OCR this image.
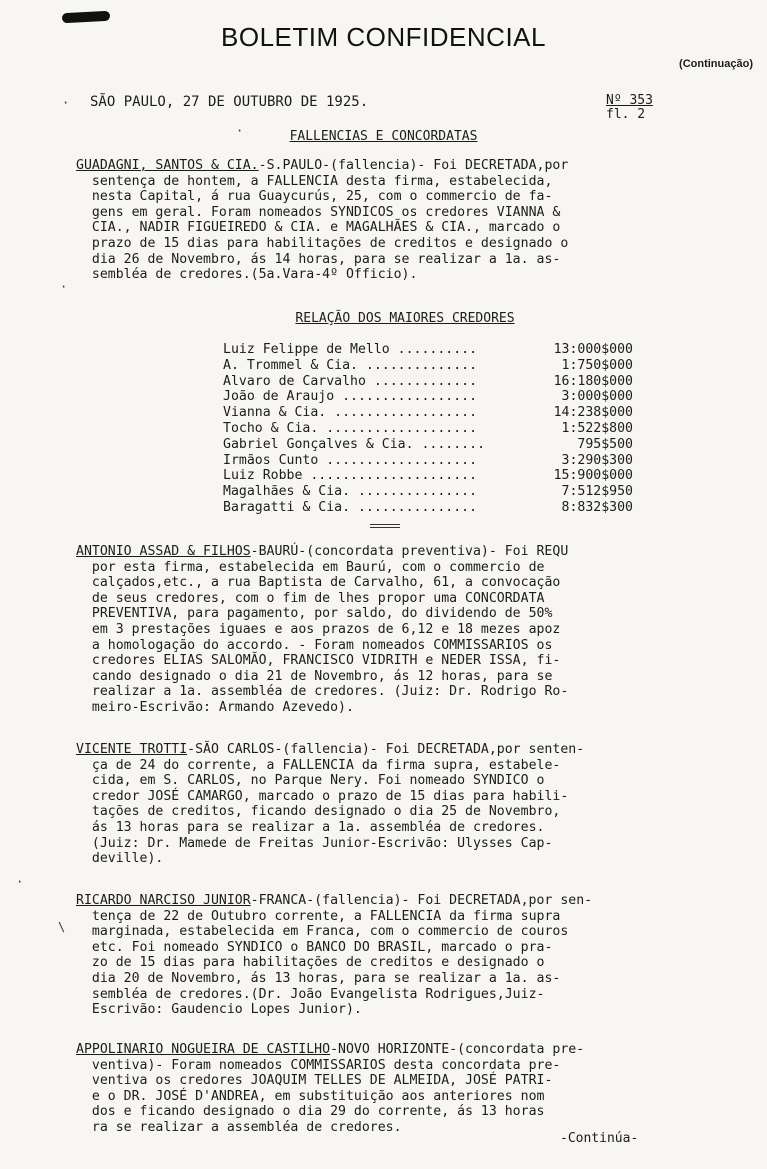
BOLETIM CONFIDENCIAL
(Continuação)
SÃO PAULO, 27 DE OUTUBRO DE 1925.	Nº 353
fl. 2
FALLENCIAS E CONCORDATAS
GUADAGNI, SANTOS & CIA.-S.PAULO-(fallencia)- Foi DECRETADA,por
sentença de hontem, a FALLENCIA desta firma, estabelecida,
nesta Capital, á rua Guaycurús, 25, com o commercio de fa-
gens em geral. Foram nomeados SYNDICOS os credores VIANNA &
CIA., NADIR FIGUEIREDO & CIA. e MAGALHÃES & CIA., marcado o
prazo de 15 dias para habilitações de creditos e designado o
dia 26 de Novembro, ás 14 horas, para se realizar a 1a. as-
sembléa de credores.(5a.Vara-4º Officio).
RELAÇÃO DOS MAIORES CREDORES
Luiz Felippe de Mello ..........	13:000$000
A. Trommel & Cia. ..............	1:750$000
Alvaro de Carvalho .............	16:180$000
João de Araujo .................	3:000$000
Vianna & Cia. ..................	14:238$000
Tocho & Cia. ...................	1:522$800
Gabriel Gonçalves & Cia. ........	795$500
Irmãos Cunto ...................	3:290$300
Luiz Robbe .....................	15:900$000
Magalhães & Cia. ...............	7:512$950
Baragatti & Cia. ...............	8:832$300
ANTONIO ASSAD & FILHOS-BAURÚ-(concordata preventiva)- Foi REQU
por esta firma, estabelecida em Baurú, com o commercio de
calçados,etc., a rua Baptista de Carvalho, 61, a convocação
de seus credores, com o fim de lhes propor uma CONCORDATA
PREVENTIVA, para pagamento, por saldo, do dividendo de 50%
em 3 prestações iguaes e aos prazos de 6,12 e 18 mezes apoz
a homologação do accordo. - Foram nomeados COMMISSARIOS os
credores ELIAS SALOMÃO, FRANCISCO VIDRITH e NEDER ISSA, fi-
cando designado o dia 21 de Novembro, ás 12 horas, para se
realizar a 1a. assembléa de credores. (Juiz: Dr. Rodrigo Ro-
meiro-Escrivão: Armando Azevedo).
VICENTE TROTTI-SÃO CARLOS-(fallencia)- Foi DECRETADA,por senten-
ça de 24 do corrente, a FALLENCIA da firma supra, estabele-
cida, em S. CARLOS, no Parque Nery. Foi nomeado SYNDICO o
credor JOSÉ CAMARGO, marcado o prazo de 15 dias para habili-
tações de creditos, ficando designado o dia 25 de Novembro,
ás 13 horas para se realizar a 1a. assembléa de credores.
(Juiz: Dr. Mamede de Freitas Junior-Escrivão: Ulysses Cap-
deville).
RICARDO NARCISO JUNIOR-FRANCA-(fallencia)- Foi DECRETADA,por sen-
tença de 22 de Outubro corrente, a FALLENCIA da firma supra
marginada, estabelecida em Franca, com o commercio de couros
etc. Foi nomeado SYNDICO o BANCO DO BRASIL, marcado o pra-
zo de 15 dias para habilitações de creditos e designado o
dia 20 de Novembro, ás 13 horas, para se realizar a 1a. as-
sembléa de credores.(Dr. João Evangelista Rodrigues,Juiz-
Escrivão: Gaudencio Lopes Junior).
APPOLINARIO NOGUEIRA DE CASTILHO-NOVO HORIZONTE-(concordata pre-
ventiva)- Foram nomeados COMMISSARIOS desta concordata pre-
ventiva os credores JOAQUIM TELLES DE ALMEIDA, JOSÉ PATRI-
e o DR. JOSÉ D'ANDREA, em substituição aos anteriores nom
dos e ficando designado o dia 29 do corrente, ás 13 horas
ra se realizar a assembléa de credores.
-Continúa-
·
·
·
\
·
